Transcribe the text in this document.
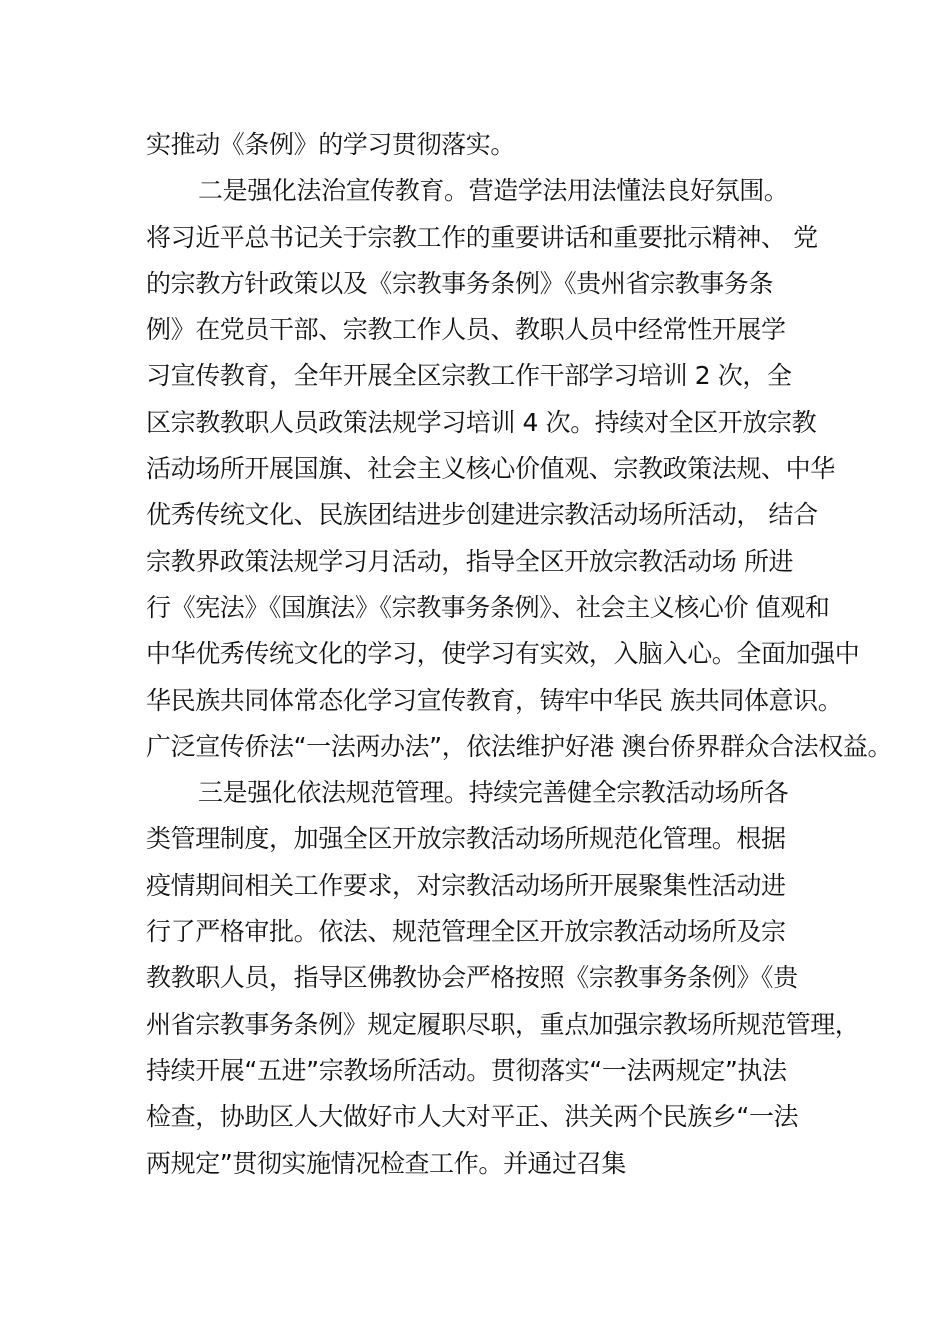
实推动《条例》的学习贯彻落实。
二是强化法治宣传教育。营造学法用法懂法良好氛围。
将习近平总书记关于宗教工作的重要讲话和重要批示精神、 党
的宗教方针政策以及《宗教事务条例》《贵州省宗教事务条
例》在党员干部、宗教工作人员、教职人员中经常性开展学
习宣传教育，全年开展全区宗教工作干部学习培训 2 次，全
区宗教教职人员政策法规学习培训 4 次。持续对全区开放宗教
活动场所开展国旗、社会主义核心价值观、宗教政策法规、中华
优秀传统文化、民族团结进步创建进宗教活动场所活动， 结合
宗教界政策法规学习月活动，指导全区开放宗教活动场 所进
行《宪法》《国旗法》《宗教事务条例》、社会主义核心价 值观和
中华优秀传统文化的学习，使学习有实效，入脑入心。全面加强中
华民族共同体常态化学习宣传教育，铸牢中华民 族共同体意识。
广泛宣传侨法“一法两办法”，依法维护好港 澳台侨界群众合法权益。
三是强化依法规范管理。持续完善健全宗教活动场所各
类管理制度，加强全区开放宗教活动场所规范化管理。根据
疫情期间相关工作要求，对宗教活动场所开展聚集性活动进
行了严格审批。依法、规范管理全区开放宗教活动场所及宗
教教职人员，指导区佛教协会严格按照《宗教事务条例》《贵
州省宗教事务条例》规定履职尽职，重点加强宗教场所规范管理，
持续开展“五进”宗教场所活动。贯彻落实“一法两规定”执法
检查，协助区人大做好市人大对平正、洪关两个民族乡“一法
两规定”贯彻实施情况检查工作。并通过召集
